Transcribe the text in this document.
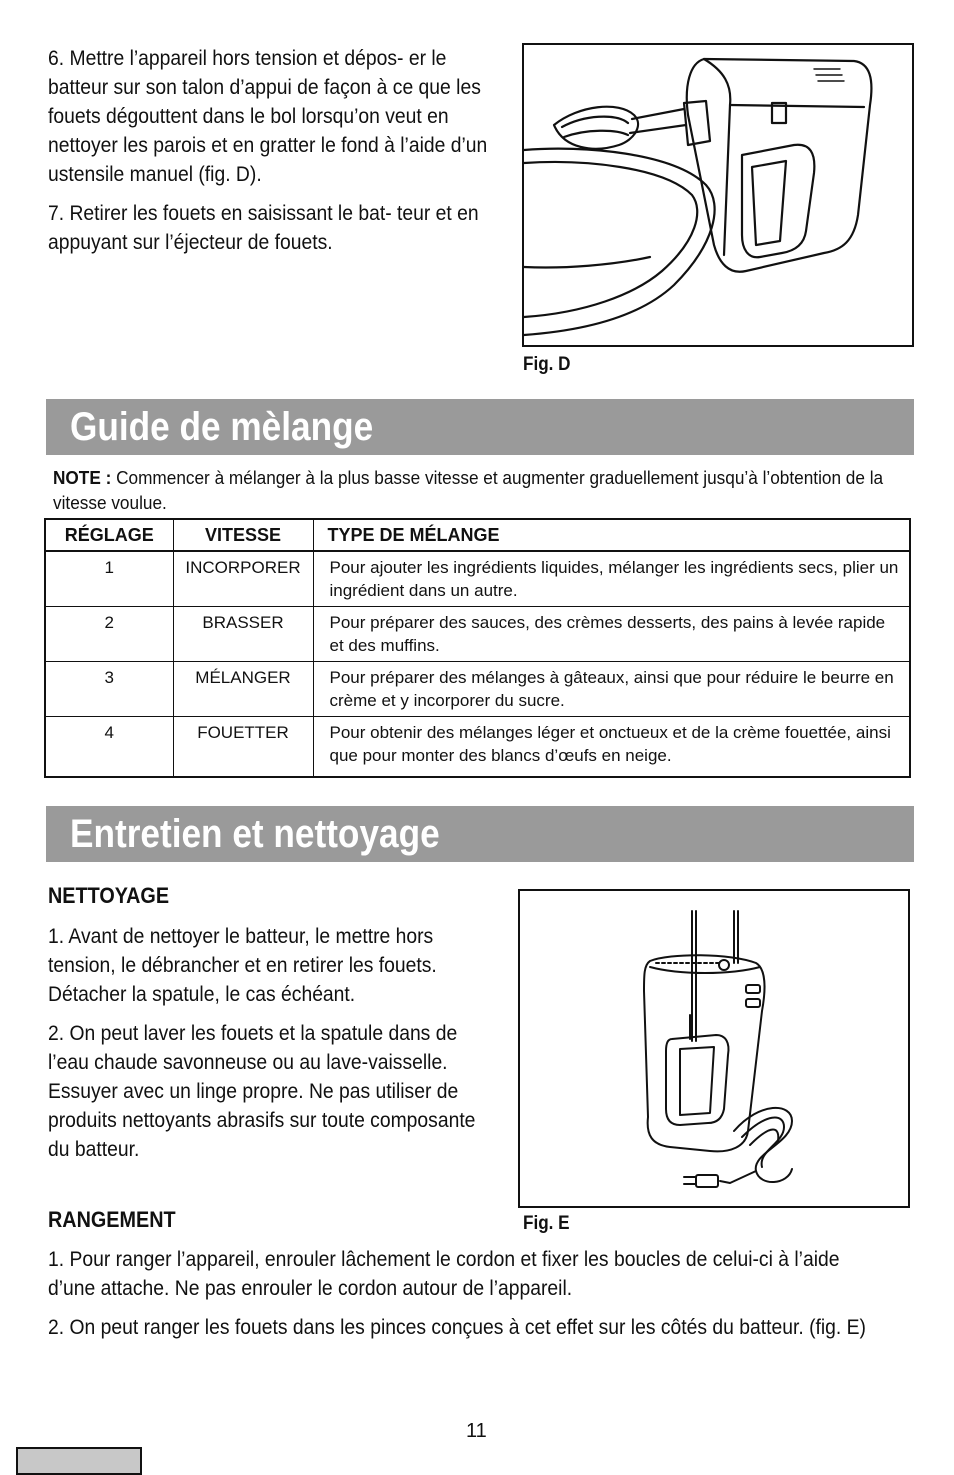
6. Mettre l’appareil hors tension et dépos- er le batteur sur son talon d’appui de façon à ce que les fouets dégouttent dans le bol lorsqu’on veut en nettoyer les parois et en gratter le fond à l’aide d’un ustensile manuel (fig. D).

7. Retirer les fouets en saisissant le bat- teur et en appuyant sur l’éjecteur de fouets.

Fig. D
Guide de mèlange
NOTE : Commencer à mélanger à la plus basse vitesse et augmenter graduellement jusqu’à l’obtention de la vitesse voulue.
RÉGLAGE	VITESSE	TYPE DE MÉLANGE
1	INCORPORER	Pour ajouter les ingrédients liquides, mélanger les ingrédients secs, plier un ingrédient dans un autre.
2	BRASSER	Pour préparer des sauces, des crèmes desserts, des pains à levée rapide et des muffins.
3	MÉLANGER	Pour préparer des mélanges à gâteaux, ainsi que pour réduire le beurre en crème et y incorporer du sucre.
4	FOUETTER	Pour obtenir des mélanges léger et onctueux et de la crème fouettée, ainsi que pour monter des blancs d’œufs en neige.
Entretien et nettoyage
NETTOYAGE

1. Avant de nettoyer le batteur, le mettre hors tension, le débrancher et en retirer les fouets. Détacher la spatule, le cas échéant.

2. On peut laver les fouets et la spatule dans de l’eau chaude savonneuse ou au lave-vaisselle. Essuyer avec un linge propre. Ne pas utiliser de produits nettoyants abrasifs sur toute composante du batteur.

Fig. E
RANGEMENT

1. Pour ranger l’appareil, enrouler lâchement le cordon et fixer les boucles de celui-ci à l’aide d’une attache. Ne pas enrouler le cordon autour de l’appareil.

2. On peut ranger les fouets dans les pinces conçues à cet effet sur les côtés du batteur. (fig. E)

11
